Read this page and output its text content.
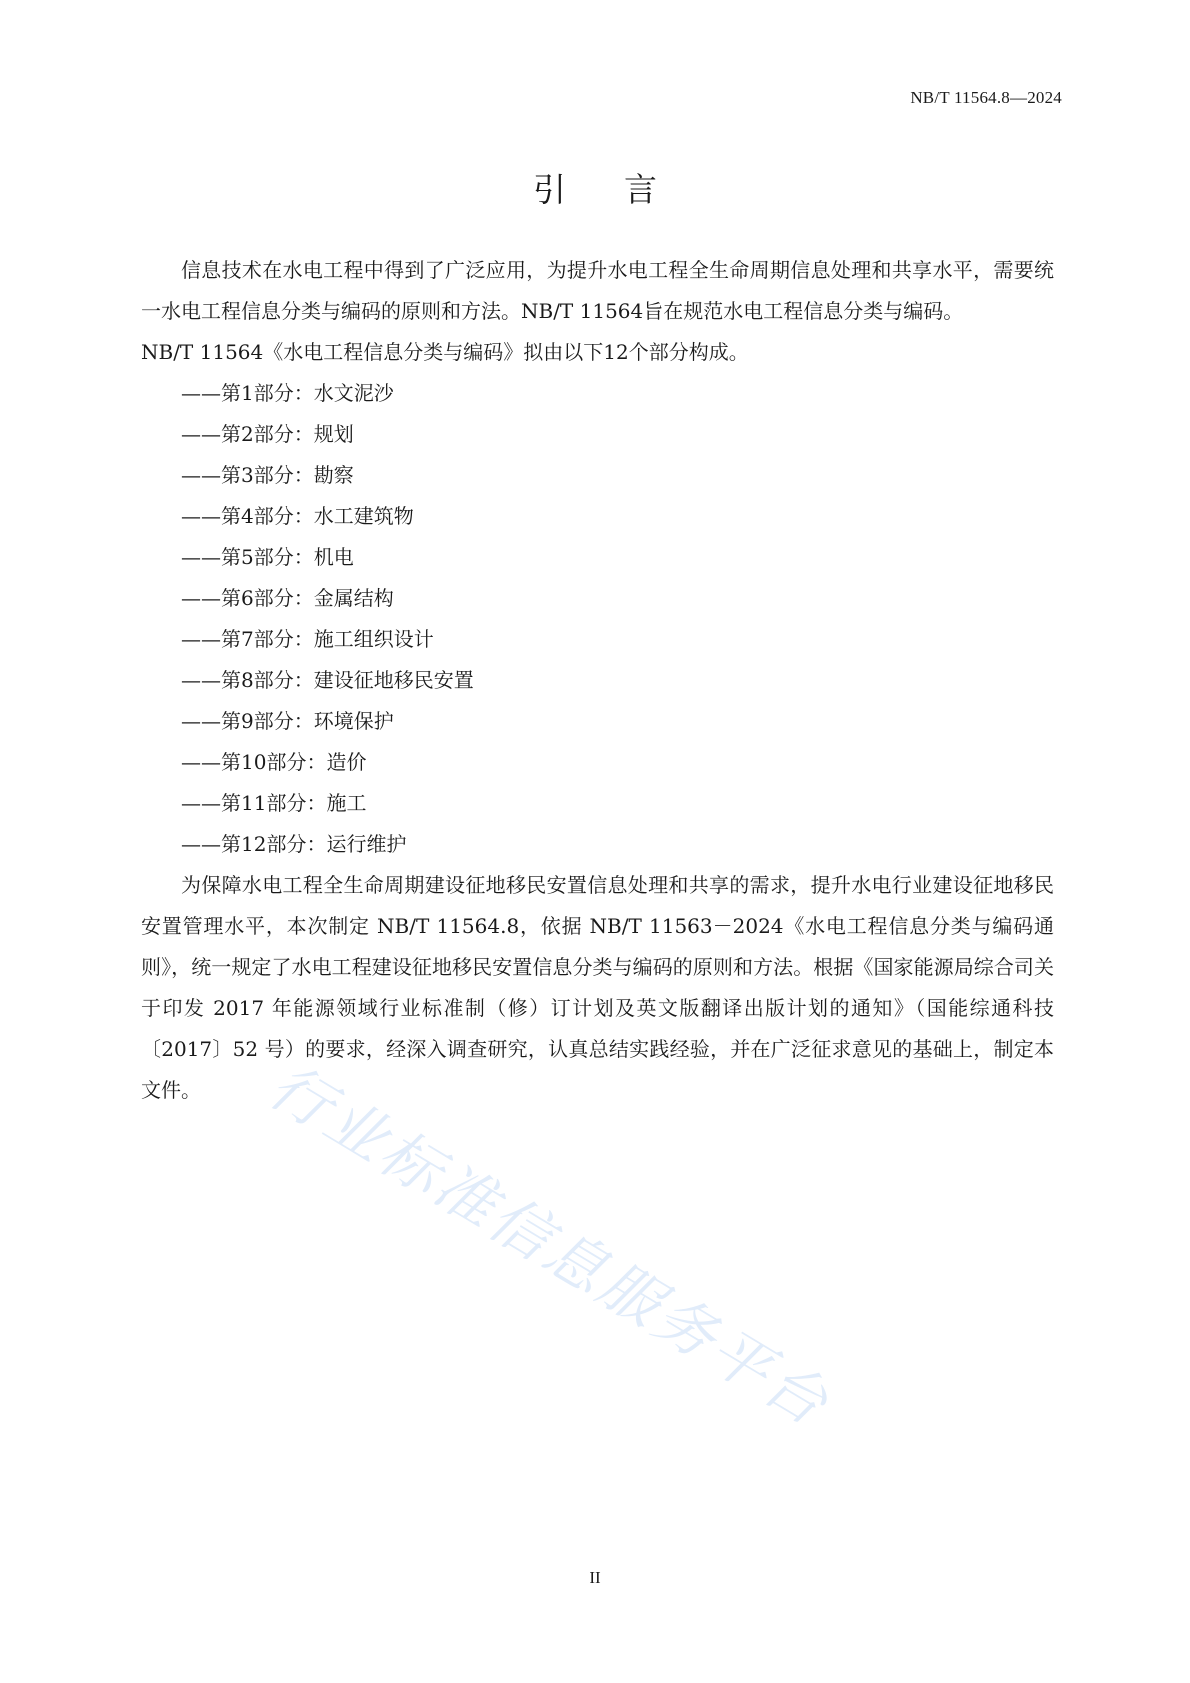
NB/T 11564.8—2024
引言

信息技术在水电工程中得到了广泛应用，为提升水电工程全生命周期信息处理和共享水平，需要统一水电工程信息分类与编码的原则和方法。NB/T 11564旨在规范水电工程信息分类与编码。

NB/T 11564《水电工程信息分类与编码》拟由以下12个部分构成。

——第1部分：水文泥沙
——第2部分：规划
——第3部分：勘察
——第4部分：水工建筑物
——第5部分：机电
——第6部分：金属结构
——第7部分：施工组织设计
——第8部分：建设征地移民安置
——第9部分：环境保护
——第10部分：造价
——第11部分：施工
——第12部分：运行维护

为保障水电工程全生命周期建设征地移民安置信息处理和共享的需求，提升水电行业建设征地移民安置管理水平，本次制定 NB/T 11564.8，依据 NB/T 11563－2024《水电工程信息分类与编码通则》，统一规定了水电工程建设征地移民安置信息分类与编码的原则和方法。根据《国家能源局综合司关于印发 2017 年能源领域行业标准制（修）订计划及英文版翻译出版计划的通知》（国能综通科技〔2017〕52 号）的要求，经深入调查研究，认真总结实践经验，并在广泛征求意见的基础上，制定本文件。 行业标准信息服务平台
II
